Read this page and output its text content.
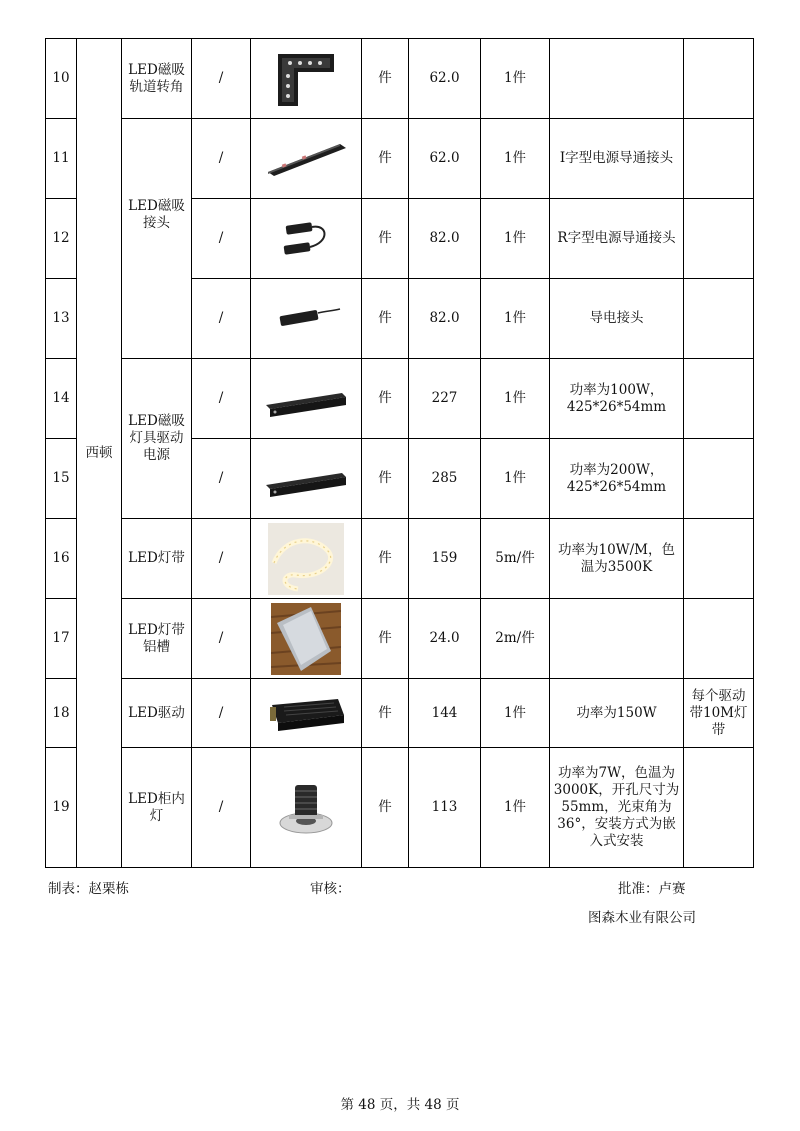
10	西顿	LED磁吸轨道转角	/		件	62.0	1件		
11		LED磁吸接头	/		件	62.0	1件	I字型电源导通接头	
12			/		件	82.0	1件	R字型电源导通接头	
13			/		件	82.0	1件	导电接头	
14		LED磁吸灯具驱动电源	/		件	227	1件	功率为100W，425*26*54mm	
15			/		件	285	1件	功率为200W，425*26*54mm	
16		LED灯带	/		件	159	5m/件	功率为10W/M，色温为3500K	
17		LED灯带铝槽	/		件	24.0	2m/件		
18		LED驱动	/		件	144	1件	功率为150W	每个驱动带10M灯带
19		LED柜内灯	/		件	113	1件	功率为7W，色温为3000K，开孔尺寸为55mm，光束角为36°，安装方式为嵌入式安装	
制表：赵栗栋	审核：	批准：卢赛
图森木业有限公司
第 48 页，共 48 页
